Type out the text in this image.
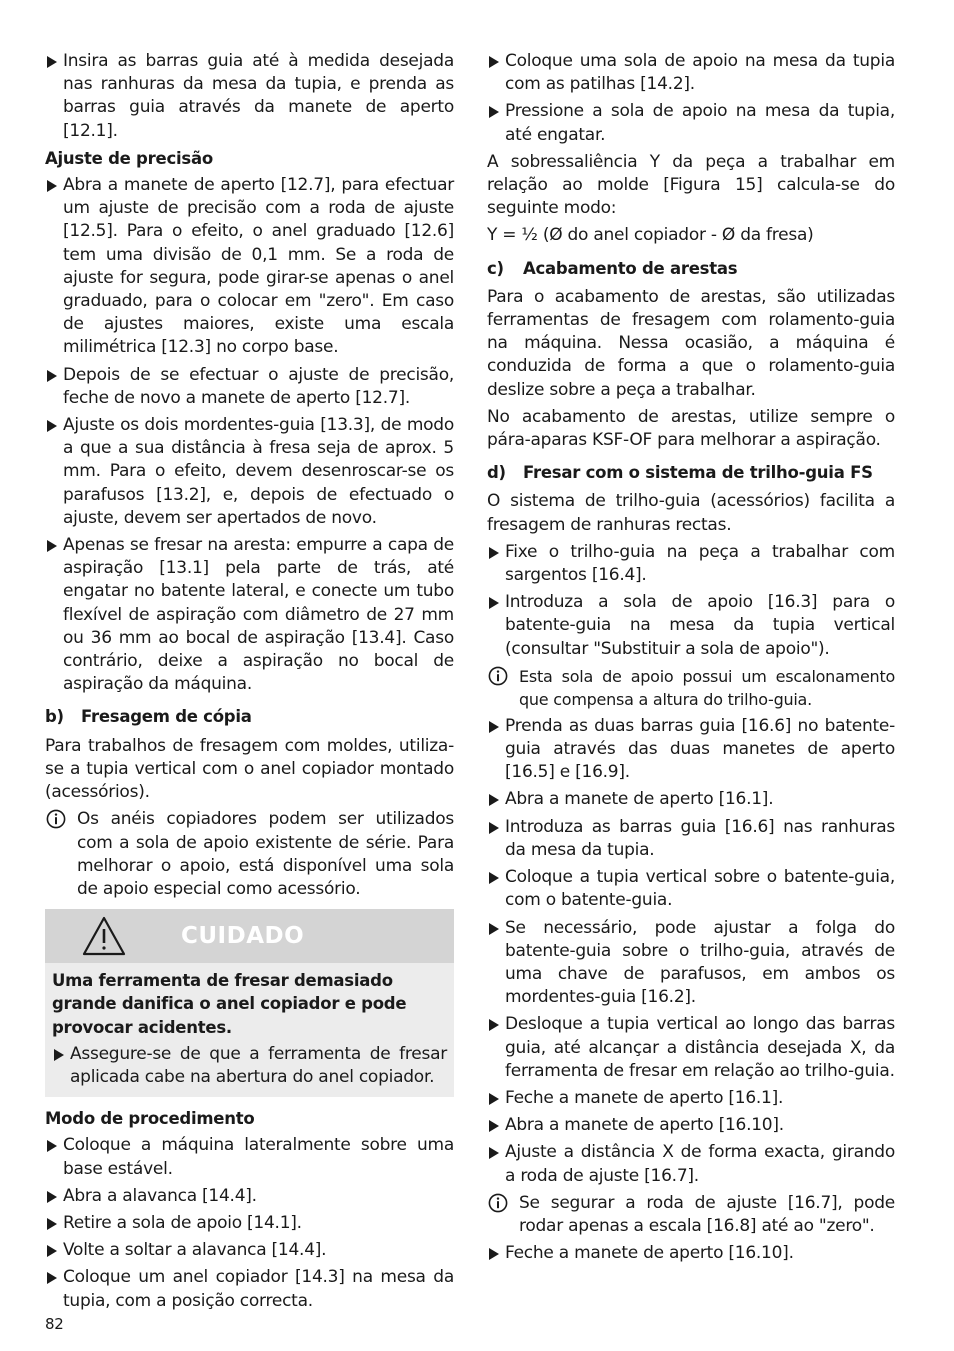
Insira as barras guia até à medida desejada nas ranhuras da mesa da tupia, e prenda as barras guia através da manete de aperto [12.1].
Ajuste de precisão
Abra a manete de aperto [12.7], para efectuar um ajuste de precisão com a roda de ajuste [12.5]. Para o efeito, o anel graduado [12.6] tem uma divisão de 0,1 mm. Se a roda de ajuste for segura, pode girar-se apenas o anel graduado, para o colocar em "zero". Em caso de ajustes maiores, existe uma escala milimétrica [12.3] no corpo base.
Depois de se efectuar o ajuste de precisão, feche de novo a manete de aperto [12.7].
Ajuste os dois mordentes-guia [13.3], de modo a que a sua distância à fresa seja de aprox. 5 mm. Para o efeito, devem desenroscar-se os parafusos [13.2], e, depois de efectuado o ajuste, devem ser apertados de novo.
Apenas se fresar na aresta: empurre a capa de aspiração [13.1] pela parte de trás, até engatar no batente lateral, e conecte um tubo flexível de aspiração com diâmetro de 27 mm ou 36 mm ao bocal de aspiração [13.4]. Caso contrário, deixe a aspiração no bocal de aspiração da máquina.
b) Fresagem de cópia

Para trabalhos de fresagem com moldes, utiliza-se a tupia vertical com o anel copiador montado (acessórios).

Os anéis copiadores podem ser utilizados com a sola de apoio existente de série. Para melhorar o apoio, está disponível uma sola de apoio especial como acessório.
CUIDADO

Uma ferramenta de fresar demasiado grande danifica o anel copiador e pode provocar acidentes.

Assegure-se de que a ferramenta de fresar aplicada cabe na abertura do anel copiador.
Modo de procedimento
Coloque a máquina lateralmente sobre uma base estável.
Abra a alavanca [14.4].
Retire a sola de apoio [14.1].
Volte a soltar a alavanca [14.4].
Coloque um anel copiador [14.3] na mesa da tupia, com a posição correcta.
Coloque uma sola de apoio na mesa da tupia com as patilhas [14.2].
Pressione a sola de apoio na mesa da tupia, até engatar.

A sobressaliência Y da peça a trabalhar em relação ao molde [Figura 15] calcula-se do seguinte modo:

Y = ½ (Ø do anel copiador - Ø da fresa)

c) Acabamento de arestas

Para o acabamento de arestas, são utilizadas ferramentas de fresagem com rolamento-guia na máquina. Nessa ocasião, a máquina é conduzida de forma a que o rolamento-guia deslize sobre a peça a trabalhar.

No acabamento de arestas, utilize sempre o pára-aparas KSF-OF para melhorar a aspiração.

d) Fresar com o sistema de trilho-guia FS

O sistema de trilho-guia (acessórios) facilita a fresagem de ranhuras rectas.

Fixe o trilho-guia na peça a trabalhar com sargentos [16.4].
Introduza a sola de apoio [16.3] para o batente-guia na mesa da tupia vertical (consultar "Substituir a sola de apoio").
Esta sola de apoio possui um escalonamento que compensa a altura do trilho-guia.
Prenda as duas barras guia [16.6] no batente-guia através das duas manetes de aperto [16.5] e [16.9].
Abra a manete de aperto [16.1].
Introduza as barras guia [16.6] nas ranhuras da mesa da tupia.
Coloque a tupia vertical sobre o batente-guia, com o batente-guia.
Se necessário, pode ajustar a folga do batente-guia sobre o trilho-guia, através de uma chave de parafusos, em ambos os mordentes-guia [16.2].
Desloque a tupia vertical ao longo das barras guia, até alcançar a distância desejada X, da ferramenta de fresar em relação ao trilho-guia.
Feche a manete de aperto [16.1].
Abra a manete de aperto [16.10].
Ajuste a distância X de forma exacta, girando a roda de ajuste [16.7].
Se segurar a roda de ajuste [16.7], pode rodar apenas a escala [16.8] até ao "zero".
Feche a manete de aperto [16.10].
82
